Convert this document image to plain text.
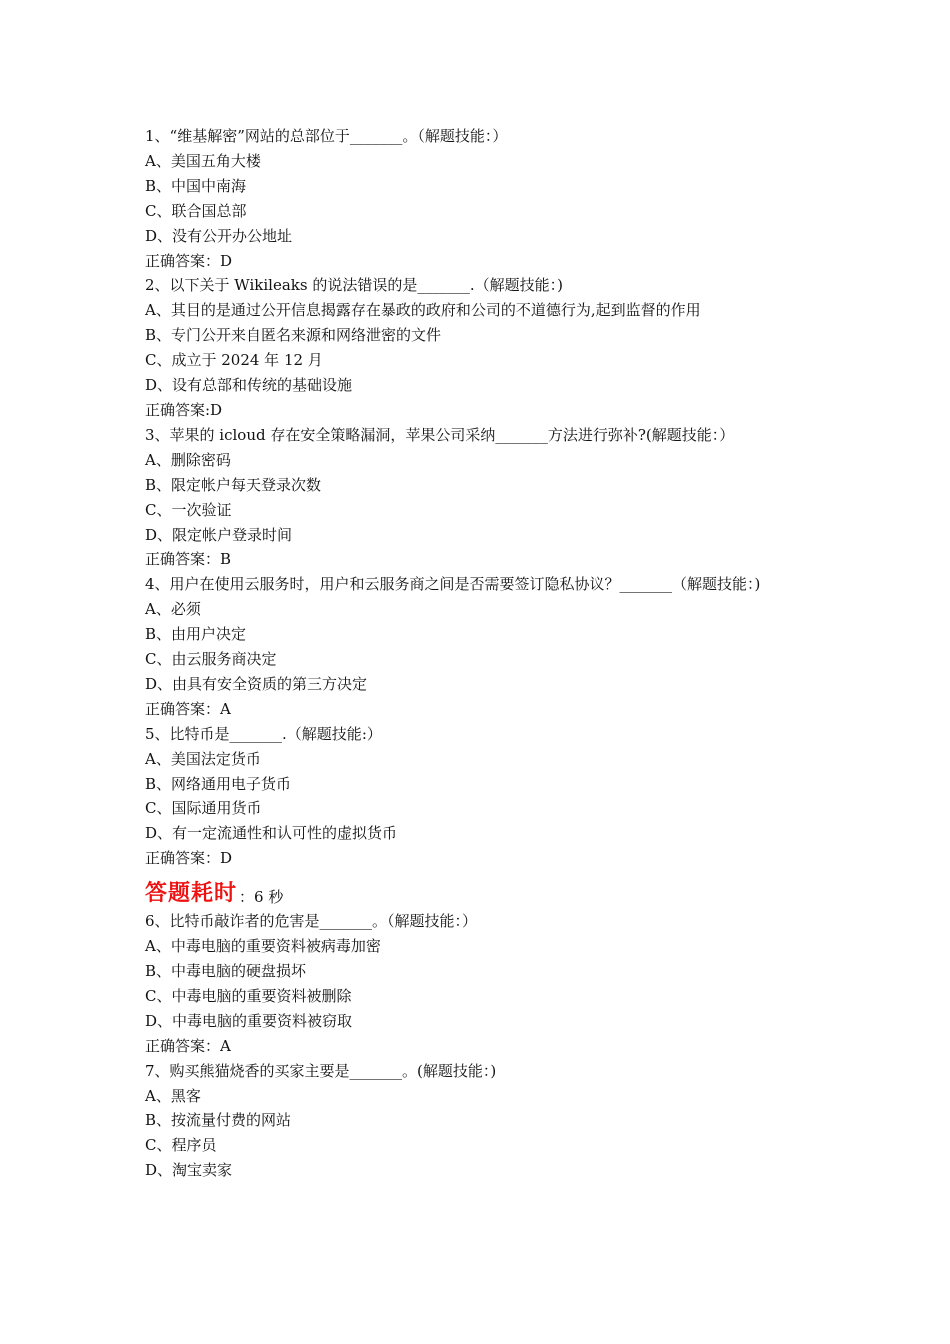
1、“维基解密”网站的总部位于_______。（解题技能：）
A、美国五角大楼
B、中国中南海
C、联合国总部
D、没有公开办公地址
正确答案：D
2、以下关于 Wikileaks 的说法错误的是_______.（解题技能：)
A、其目的是通过公开信息揭露存在暴政的政府和公司的不道德行为,起到监督的作用
B、专门公开来自匿名来源和网络泄密的文件
C、成立于 2024 年 12 月
D、设有总部和传统的基础设施
正确答案:D
3、苹果的 icloud 存在安全策略漏洞，苹果公司采纳_______方法进行弥补?(解题技能：）
A、删除密码
B、限定帐户每天登录次数
C、一次验证
D、限定帐户登录时间
正确答案：B
4、用户在使用云服务时，用户和云服务商之间是否需要签订隐私协议？_______（解题技能：)
A、必须
B、由用户决定
C、由云服务商决定
D、由具有安全资质的第三方决定
正确答案：A
5、比特币是_______.（解题技能:）
A、美国法定货币
B、网络通用电子货币
C、国际通用货币
D、有一定流通性和认可性的虚拟货币
正确答案：D
答题耗时 ：6 秒
6、比特币敲诈者的危害是_______。（解题技能：）
A、中毒电脑的重要资料被病毒加密
B、中毒电脑的硬盘损坏
C、中毒电脑的重要资料被删除
D、中毒电脑的重要资料被窃取
正确答案：A
7、购买熊猫烧香的买家主要是_______。(解题技能：)
A、黑客
B、按流量付费的网站
C、程序员
D、淘宝卖家
